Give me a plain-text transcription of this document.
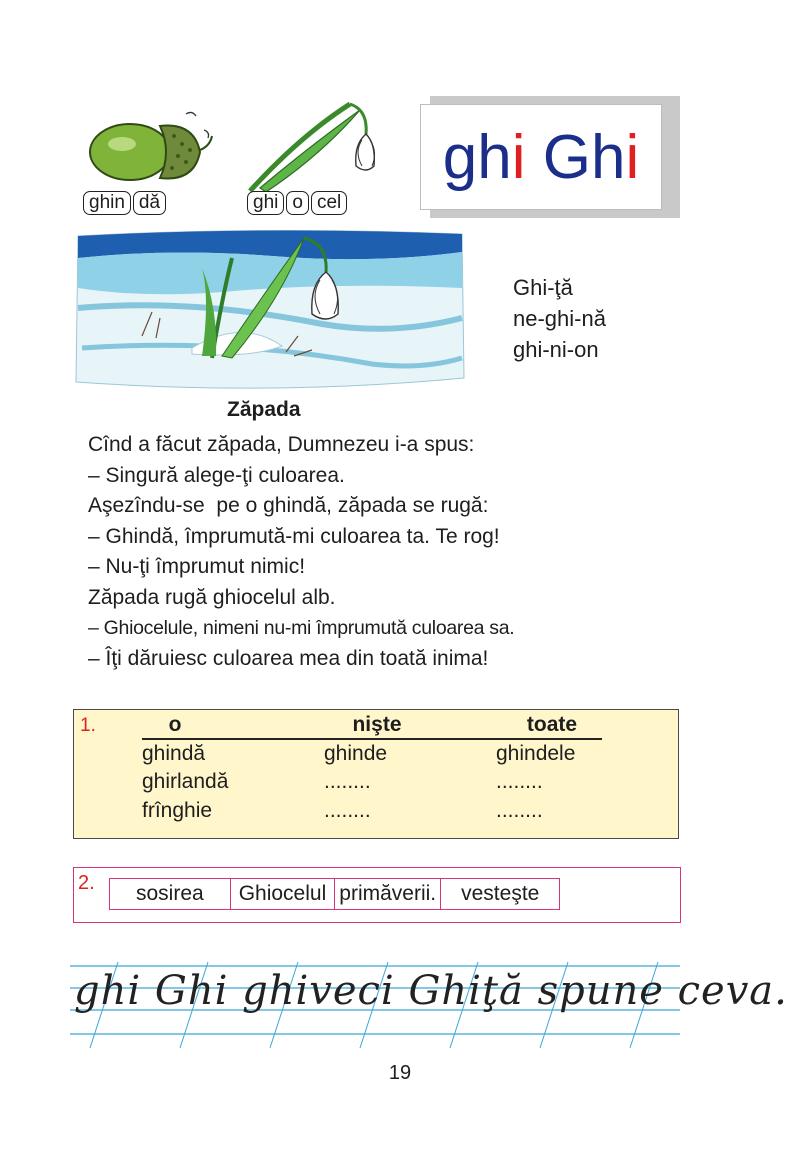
ghin dă	ghi o cel
gh i Gh i
Ghi-ţă
ne-ghi-nă
ghi-ni-on
Zăpada
Cînd a făcut zăpada, Dumnezeu i-a spus:
– Singură alege-ţi culoarea.
Aşezîndu-se  pe o ghindă, zăpada se rugă:
– Ghindă, împrumută-mi culoarea ta. Te rog!
– Nu-ţi împrumut nimic!
Zăpada rugă ghiocelul alb.
– Ghiocelule, nimeni nu-mi împrumută culoarea sa.
– Îţi dăruiesc culoarea mea din toată inima!
1.	o	nişte	toate
ghindă	ghinde	ghindele
ghirlandă	........	........
frînghie	........	........
2.	sosirea	Ghiocelul primăverii.	vesteşte
ghi Ghi ghiveci Ghiţă spune ceva.
19
